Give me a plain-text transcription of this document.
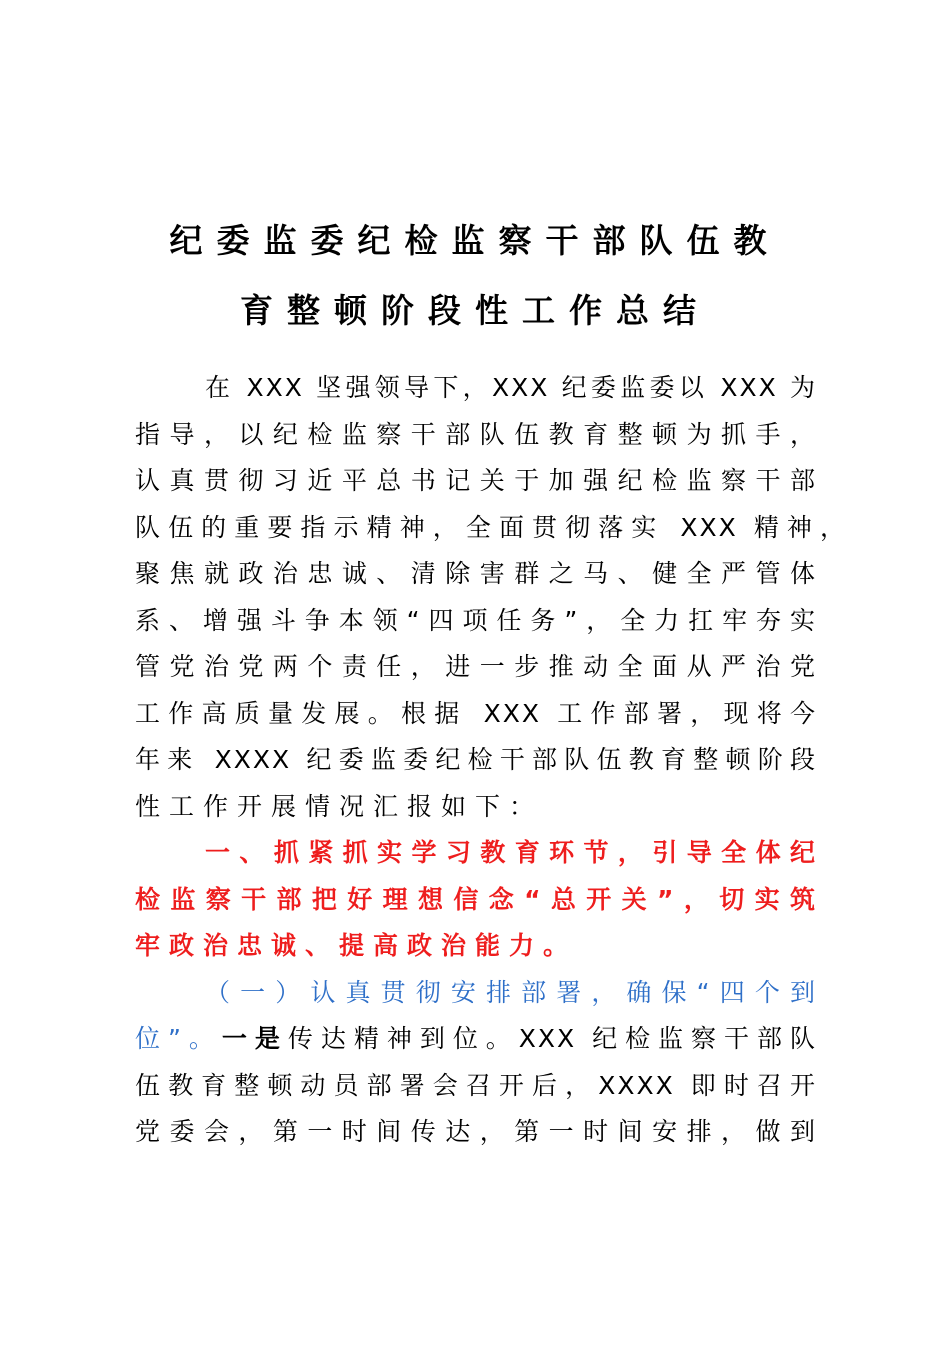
纪委监委纪检监察干部队伍教
育整顿阶段性工作总结
在 XXX 坚强领导下，XXX 纪委监委以 XXX 为
指导，以纪检监察干部队伍教育整顿为抓手，
认真贯彻习近平总书记关于加强纪检监察干部
队伍的重要指示精神，全面贯彻落实 XXX 精神，
聚焦就政治忠诚、清除害群之马、健全严管体
系、增强斗争本领“四项任务”，全力扛牢夯实
管党治党两个责任，进一步推动全面从严治党
工作高质量发展。根据 XXX 工作部署，现将今
年来 XXXX 纪委监委纪检干部队伍教育整顿阶段
性工作开展情况汇报如下：
一、抓紧抓实学习教育环节，引导全体纪
检监察干部把好理想信念“总开关”，切实筑
牢政治忠诚、提高政治能力。
（一）认真贯彻安排部署，确保“四个到
位”。一是传达精神到位。XXX 纪检监察干部队
伍教育整顿动员部署会召开后，XXXX 即时召开
党委会，第一时间传达，第一时间安排，做到
